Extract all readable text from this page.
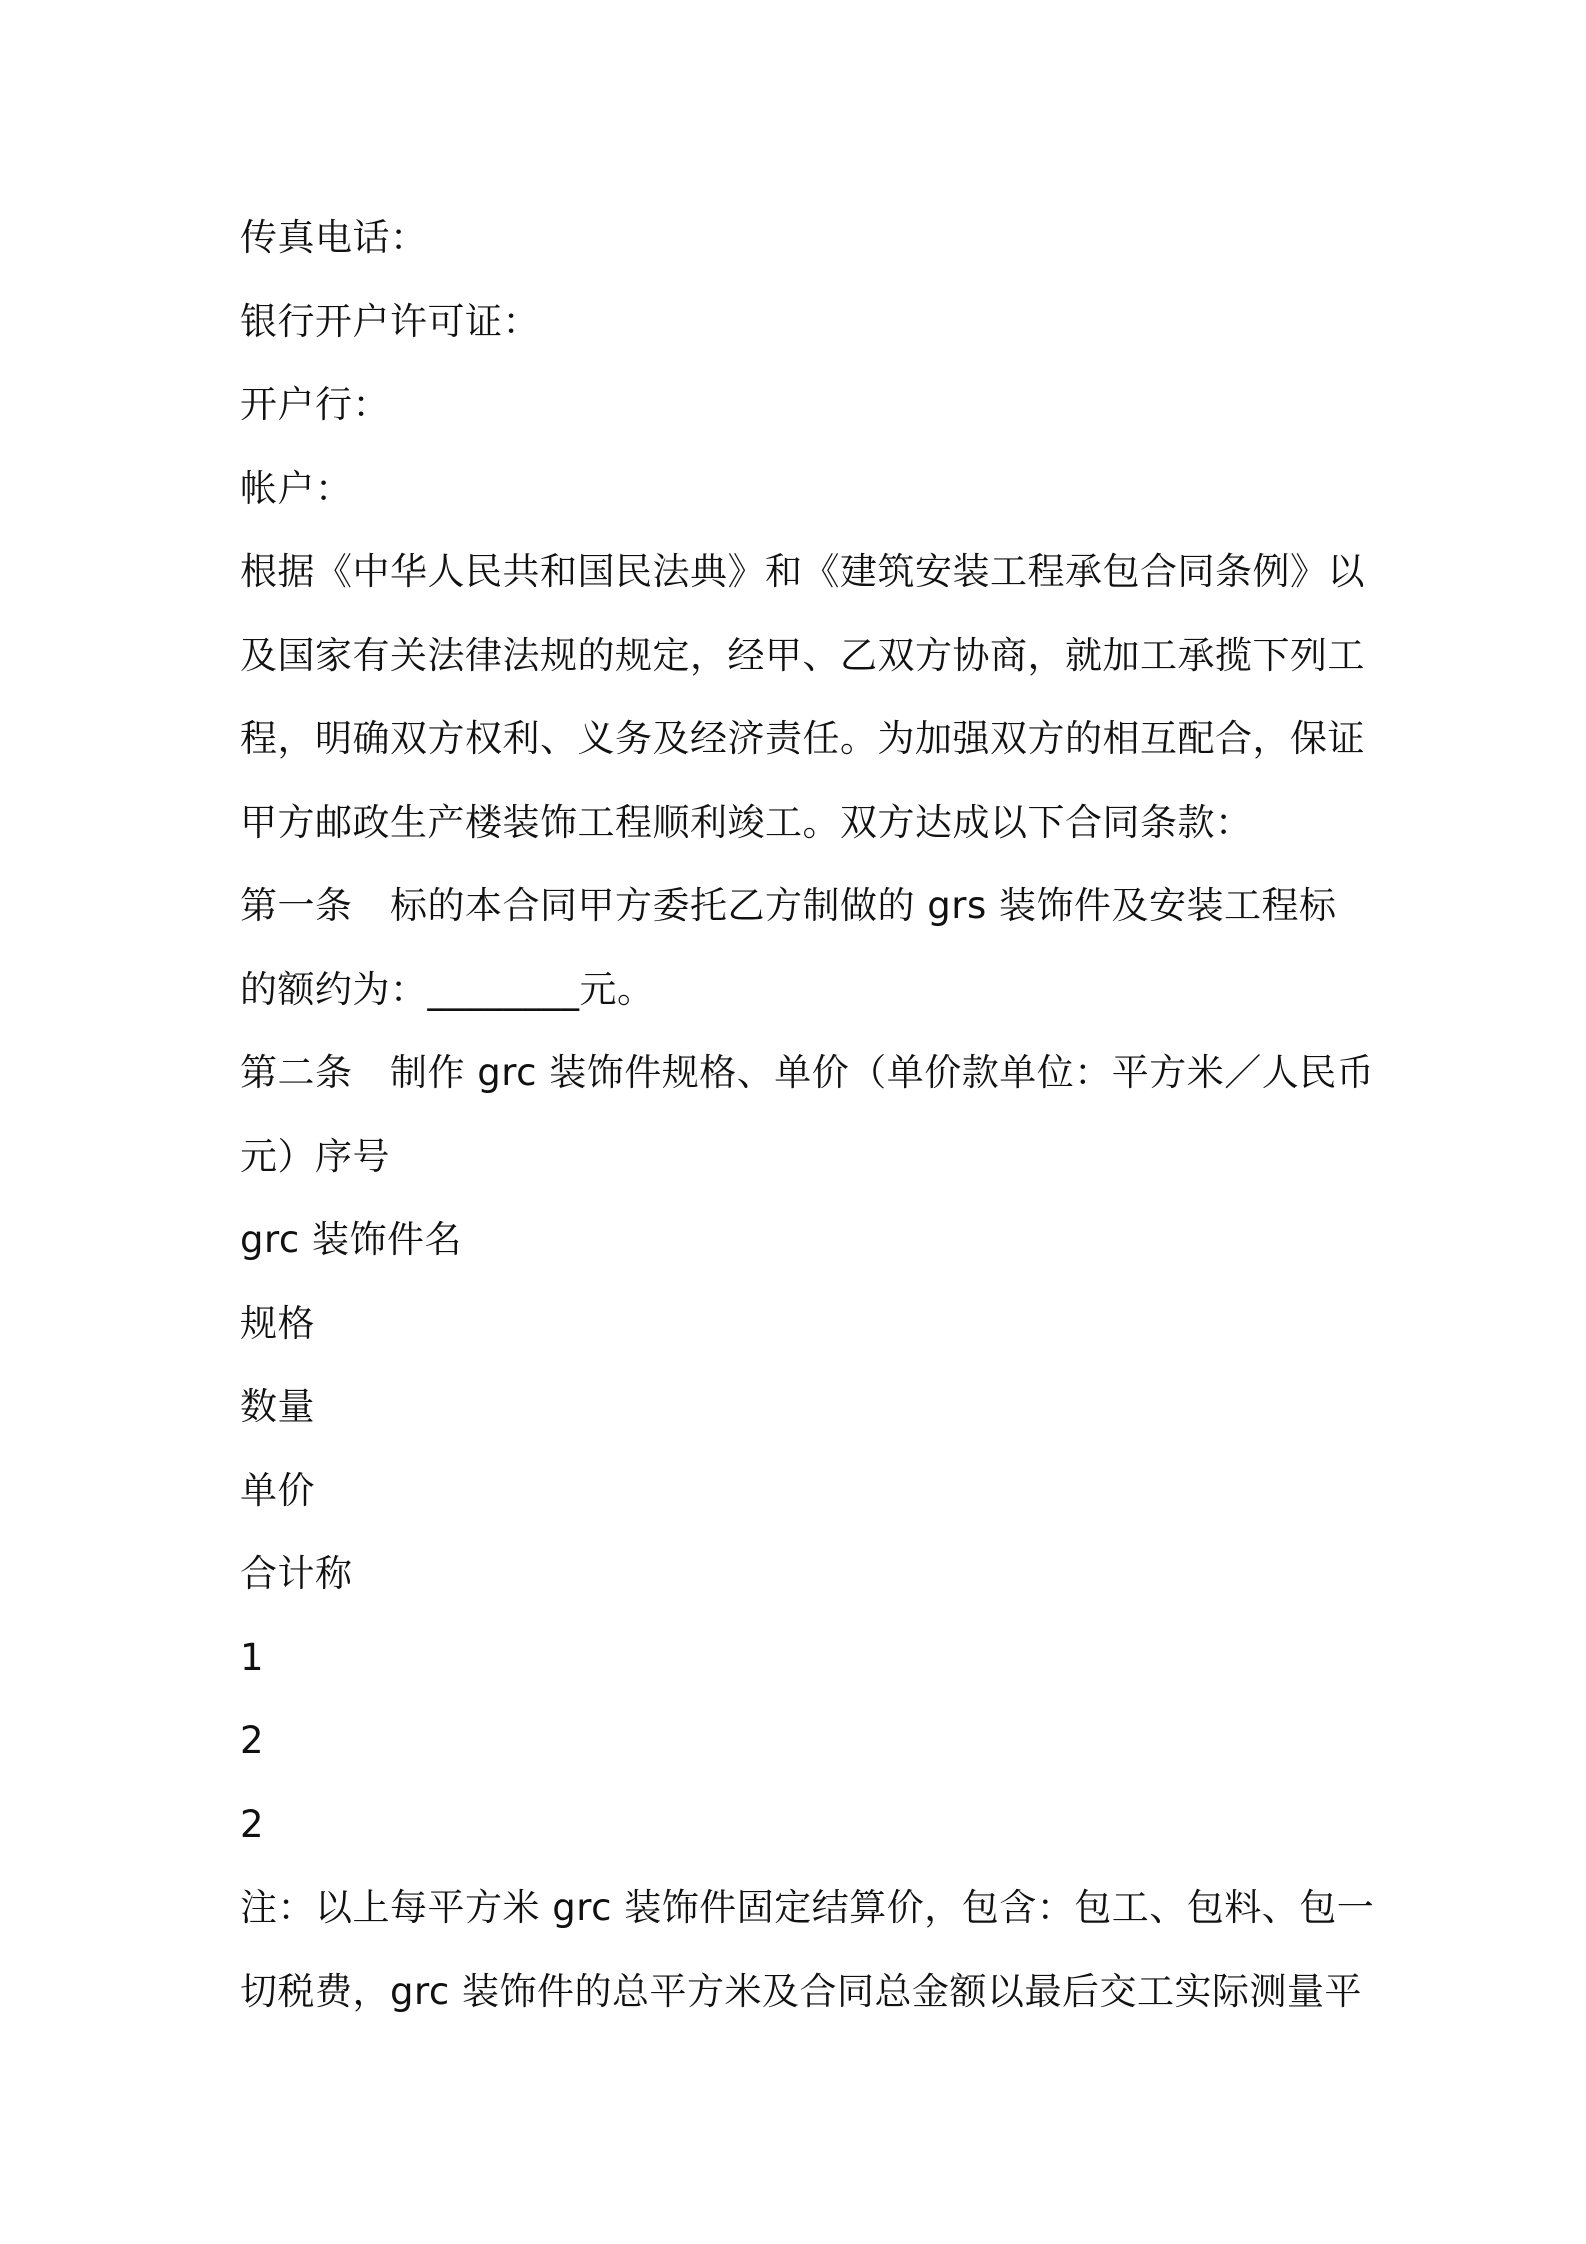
传真电话：
银行开户许可证：
开户行：
帐户：
根据《中华人民共和国民法典》和《建筑安装工程承包合同条例》以
及国家有关法律法规的规定，经甲、乙双方协商，就加工承揽下列工
程，明确双方权利、义务及经济责任。为加强双方的相互配合，保证
甲方邮政生产楼装饰工程顺利竣工。双方达成以下合同条款：
第一条　标的本合同甲方委托乙方制做的 grs 装饰件及安装工程标
的额约为：________元。
第二条　制作 grc 装饰件规格、单价（单价款单位：平方米／人民币
元）序号
grc 装饰件名
规格
数量
单价
合计称
1
2
2
注：以上每平方米 grc 装饰件固定结算价，包含：包工、包料、包一
切税费，grc 装饰件的总平方米及合同总金额以最后交工实际测量平
